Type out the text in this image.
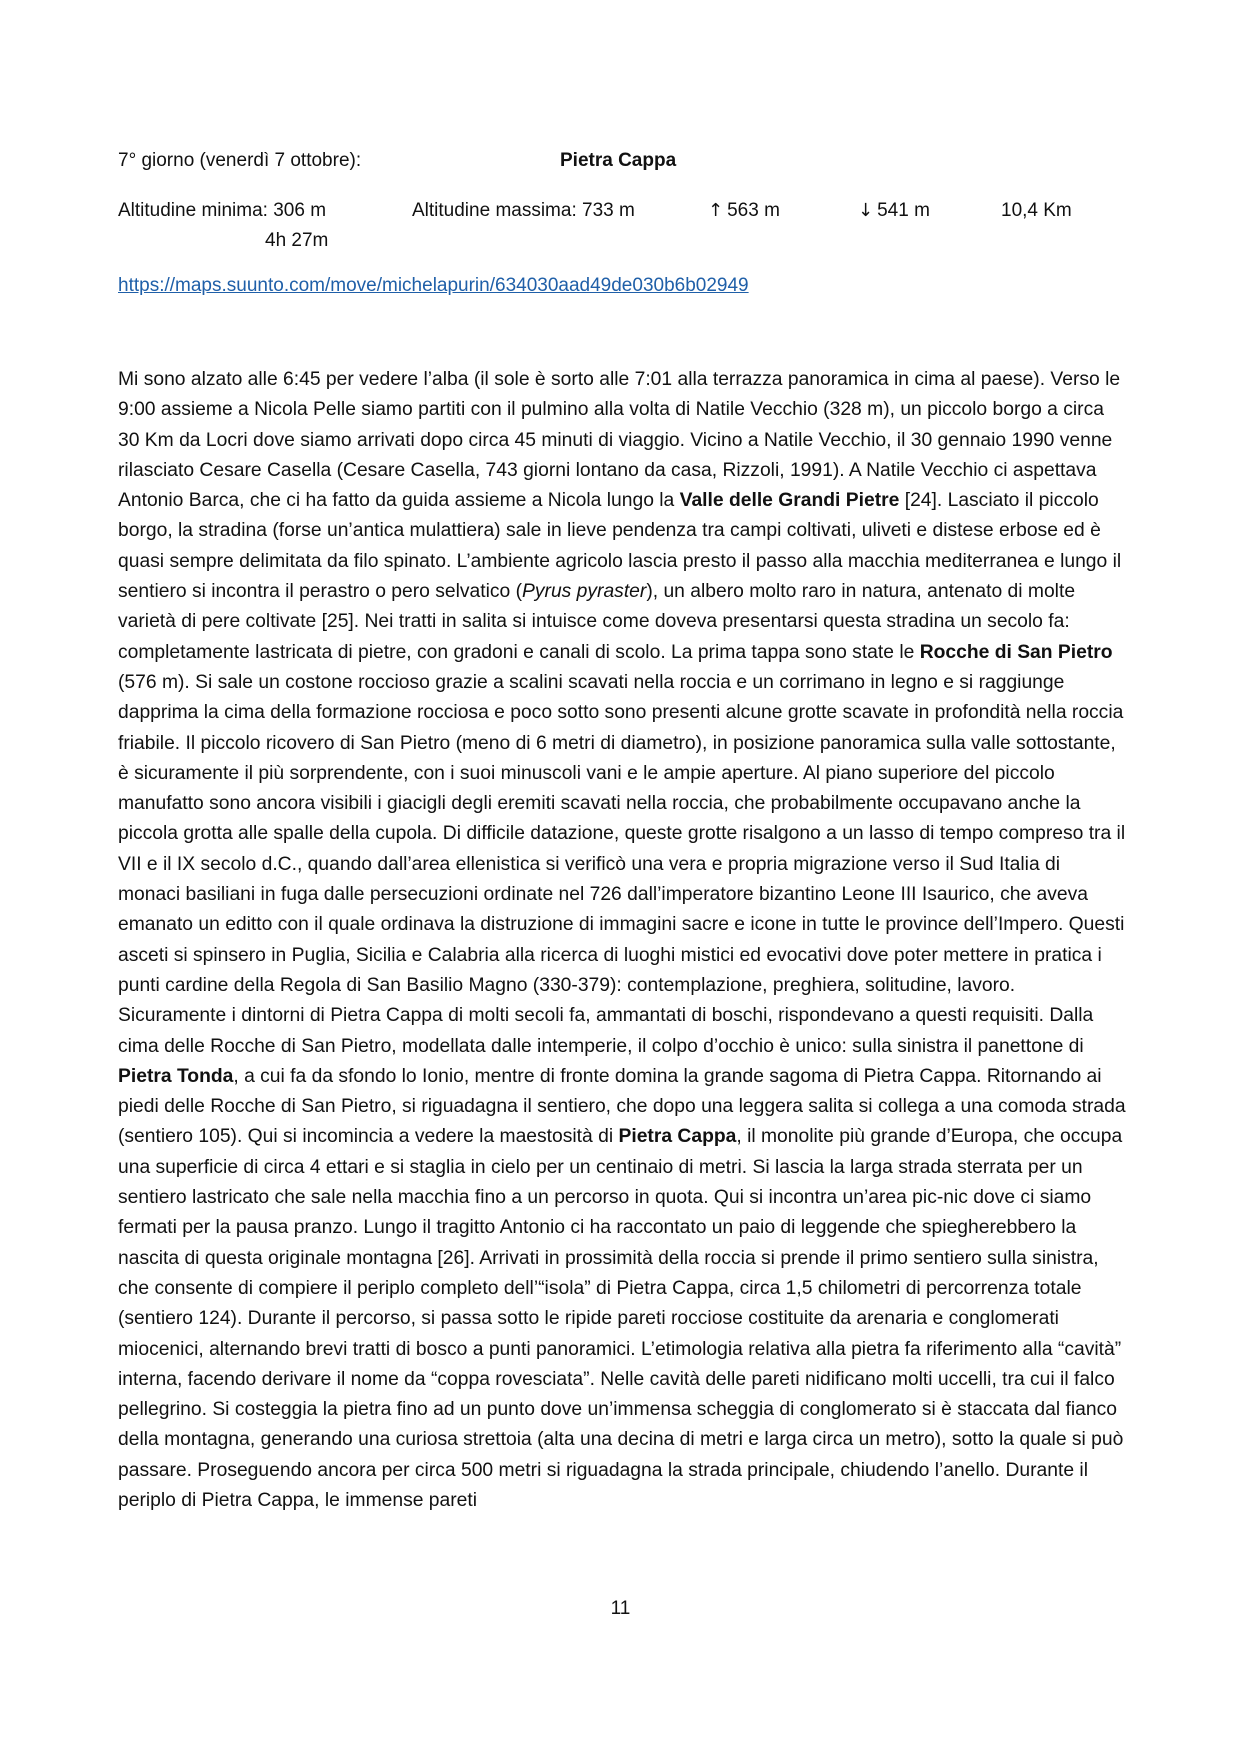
7° giorno (venerdì 7 ottobre):	Pietra Cappa
Altitudine minima: 306 m	Altitudine massima: 733 m	↑ 563 m	↓ 541 m	10,4 Km
4h 27m
https://maps.suunto.com/move/michelapurin/634030aad49de030b6b02949

Mi sono alzato alle 6:45 per vedere l’alba (il sole è sorto alle 7:01 alla terrazza panoramica in cima al paese). Verso le 9:00 assieme a Nicola Pelle siamo partiti con il pulmino alla volta di Natile Vecchio (328 m), un piccolo borgo a circa 30 Km da Locri dove siamo arrivati dopo circa 45 minuti di viaggio. Vicino a Natile Vecchio, il 30 gennaio 1990 venne rilasciato Cesare Casella (Cesare Casella, 743 giorni lontano da casa, Rizzoli, 1991). A Natile Vecchio ci aspettava Antonio Barca, che ci ha fatto da guida assieme a Nicola lungo la Valle delle Grandi Pietre [24]. Lasciato il piccolo borgo, la stradina (forse un’antica mulattiera) sale in lieve pendenza tra campi coltivati, uliveti e distese erbose ed è quasi sempre delimitata da filo spinato. L’ambiente agricolo lascia presto il passo alla macchia mediterranea e lungo il sentiero si incontra il perastro o pero selvatico (Pyrus pyraster), un albero molto raro in natura, antenato di molte varietà di pere coltivate [25]. Nei tratti in salita si intuisce come doveva presentarsi questa stradina un secolo fa: completamente lastricata di pietre, con gradoni e canali di scolo. La prima tappa sono state le Rocche di San Pietro (576 m). Si sale un costone roccioso grazie a scalini scavati nella roccia e un corrimano in legno e si raggiunge dapprima la cima della formazione rocciosa e poco sotto sono presenti alcune grotte scavate in profondità nella roccia friabile. Il piccolo ricovero di San Pietro (meno di 6 metri di diametro), in posizione panoramica sulla valle sottostante, è sicuramente il più sorprendente, con i suoi minuscoli vani e le ampie aperture. Al piano superiore del piccolo manufatto sono ancora visibili i giacigli degli eremiti scavati nella roccia, che probabilmente occupavano anche la piccola grotta alle spalle della cupola. Di difficile datazione, queste grotte risalgono a un lasso di tempo compreso tra il VII e il IX secolo d.C., quando dall’area ellenistica si verificò una vera e propria migrazione verso il Sud Italia di monaci basiliani in fuga dalle persecuzioni ordinate nel 726 dall’imperatore bizantino Leone III Isaurico, che aveva emanato un editto con il quale ordinava la distruzione di immagini sacre e icone in tutte le province dell’Impero. Questi asceti si spinsero in Puglia, Sicilia e Calabria alla ricerca di luoghi mistici ed evocativi dove poter mettere in pratica i punti cardine della Regola di San Basilio Magno (330-379): contemplazione, preghiera, solitudine, lavoro. Sicuramente i dintorni di Pietra Cappa di molti secoli fa, ammantati di boschi, rispondevano a questi requisiti. Dalla cima delle Rocche di San Pietro, modellata dalle intemperie, il colpo d’occhio è unico: sulla sinistra il panettone di Pietra Tonda, a cui fa da sfondo lo Ionio, mentre di fronte domina la grande sagoma di Pietra Cappa. Ritornando ai piedi delle Rocche di San Pietro, si riguadagna il sentiero, che dopo una leggera salita si collega a una comoda strada (sentiero 105). Qui si incomincia a vedere la maestosità di Pietra Cappa, il monolite più grande d’Europa, che occupa una superficie di circa 4 ettari e si staglia in cielo per un centinaio di metri. Si lascia la larga strada sterrata per un sentiero lastricato che sale nella macchia fino a un percorso in quota. Qui si incontra un’area pic-nic dove ci siamo fermati per la pausa pranzo. Lungo il tragitto Antonio ci ha raccontato un paio di leggende che spiegherebbero la nascita di questa originale montagna [26]. Arrivati in prossimità della roccia si prende il primo sentiero sulla sinistra, che consente di compiere il periplo completo dell’“isola” di Pietra Cappa, circa 1,5 chilometri di percorrenza totale (sentiero 124). Durante il percorso, si passa sotto le ripide pareti rocciose costituite da arenaria e conglomerati miocenici, alternando brevi tratti di bosco a punti panoramici. L’etimologia relativa alla pietra fa riferimento alla “cavità” interna, facendo derivare il nome da “coppa rovesciata”. Nelle cavità delle pareti nidificano molti uccelli, tra cui il falco pellegrino. Si costeggia la pietra fino ad un punto dove un’immensa scheggia di conglomerato si è staccata dal fianco della montagna, generando una curiosa strettoia (alta una decina di metri e larga circa un metro), sotto la quale si può passare. Proseguendo ancora per circa 500 metri si riguadagna la strada principale, chiudendo l’anello. Durante il periplo di Pietra Cappa, le immense pareti

11
